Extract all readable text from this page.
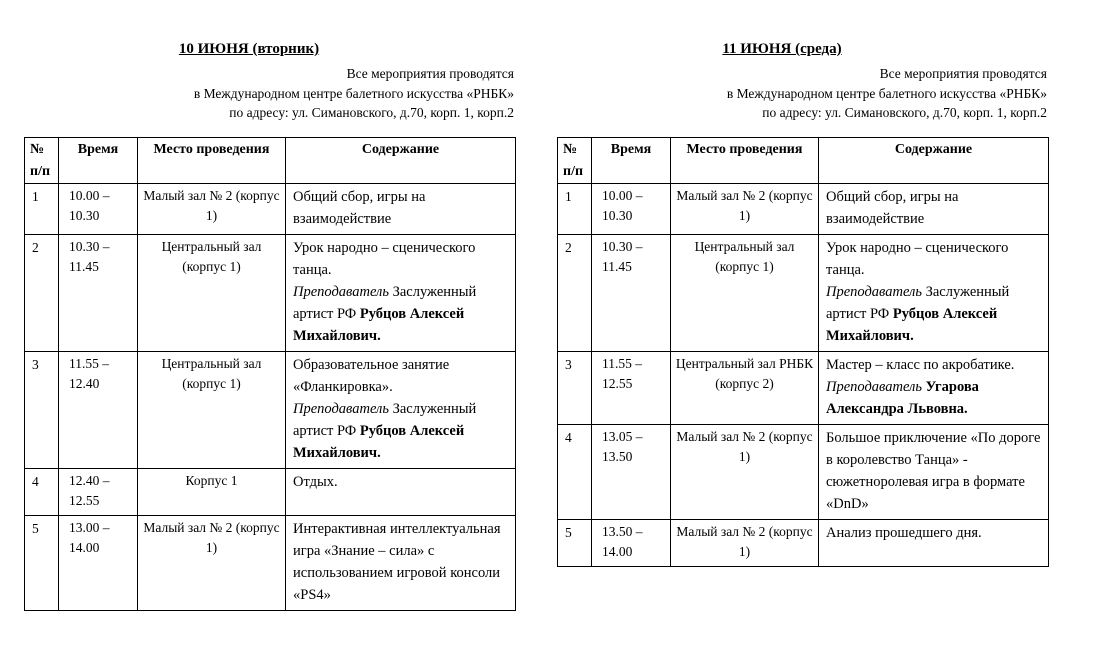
10 ИЮНЯ (вторник)
Все мероприятия проводятся
в Международном центре балетного искусства «РНБК»
по адресу: ул. Симановского, д.70, корп. 1, корп.2
№ п/п	Время	Место проведения	Содержание
1	10.00 – 10.30	Малый зал № 2 (корпус 1)	Общий сбор, игры на взаимодействие
2	10.30 – 11.45	Центральный зал (корпус 1)	Урок народно – сценического танца.
Преподаватель Заслуженный артист РФ Рубцов Алексей Михайлович.
3	11.55 – 12.40	Центральный зал (корпус 1)	Образовательное занятие «Фланкировка».
Преподаватель Заслуженный артист РФ Рубцов Алексей Михайлович.
4	12.40 – 12.55	Корпус 1	Отдых.
5	13.00 – 14.00	Малый зал № 2 (корпус 1)	Интерактивная интеллектуальная игра «Знание – сила» с использованием игровой консоли «PS4»
11 ИЮНЯ (среда)
Все мероприятия проводятся
в Международном центре балетного искусства «РНБК»
по адресу: ул. Симановского, д.70, корп. 1, корп.2
№ п/п	Время	Место проведения	Содержание
1	10.00 – 10.30	Малый зал № 2 (корпус 1)	Общий сбор, игры на взаимодействие
2	10.30 – 11.45	Центральный зал (корпус 1)	Урок народно – сценического танца.
Преподаватель Заслуженный артист РФ Рубцов Алексей Михайлович.
3	11.55 – 12.55	Центральный зал РНБК (корпус 2)	Мастер – класс по акробатике.
Преподаватель Угарова Александра Львовна.
4	13.05 – 13.50	Малый зал № 2 (корпус 1)	Большое приключение «По дороге в королевство Танца» - сюжетноролевая игра в формате «DnD»
5	13.50 – 14.00	Малый зал № 2 (корпус 1)	Анализ прошедшего дня.
